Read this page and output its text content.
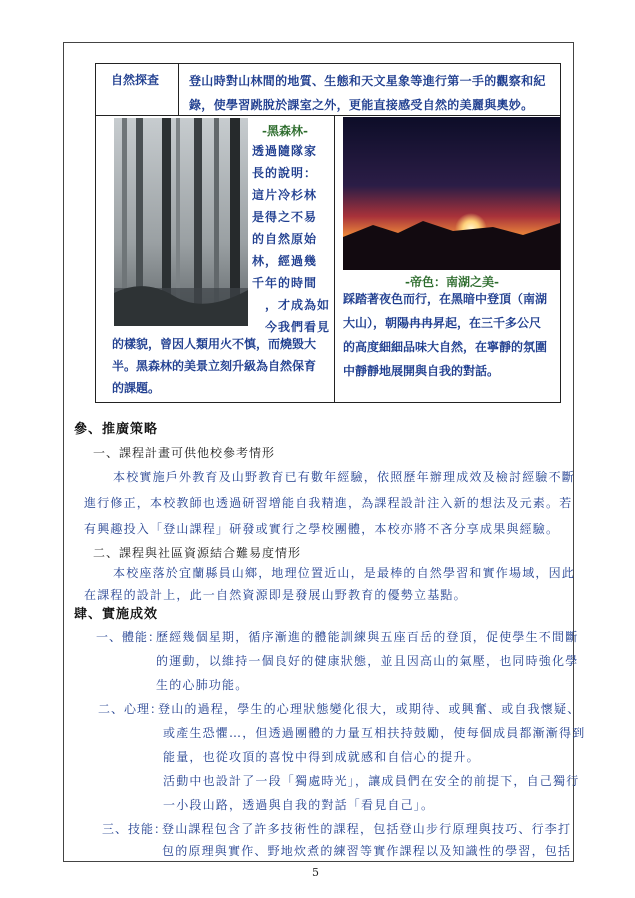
自然探查	登山時對山林間的地質、生態和天文星象等進行第一手的觀察和紀
錄，使學習跳脫於課室之外，更能直接感受自然的美麗與奧妙。
-黑森林-
透過隨隊家
長的說明：
這片冷杉林
是得之不易
的自然原始
林，經過幾
千年的時間
，才成為如
今我們看見
的樣貌，曾因人類用火不慎，而燒毀大
半。黑森林的美景立刻升級為自然保育
的課題。
-帝色：南湖之美-
踩踏著夜色而行，在黑暗中登頂（南湖
大山），朝陽冉冉昇起，在三千多公尺
的高度細細品味大自然，在寧靜的氛圍
中靜靜地展開與自我的對話。
參、推廣策略
一、課程計畫可供他校參考情形
本校實施戶外教育及山野教育已有數年經驗，依照歷年辦理成效及檢討經驗不斷
進行修正，本校教師也透過研習增能自我精進，為課程設計注入新的想法及元素。若
有興趣投入「登山課程」研發或實行之學校團體，本校亦將不吝分享成果與經驗。
二、課程與社區資源結合難易度情形
本校座落於宜蘭縣員山鄉，地理位置近山，是最棒的自然學習和實作場域，因此
在課程的設計上，此一自然資源即是發展山野教育的優勢立基點。
肆、實施成效
一、體能：
歷經幾個星期，循序漸進的體能訓練與五座百岳的登頂，促使學生不間斷
的運動，以維持一個良好的健康狀態，並且因高山的氣壓，也同時強化學
生的心肺功能。
二、心理：
登山的過程，學生的心理狀態變化很大，或期待、或興奮、或自我懷疑、
或產生恐懼…，但透過團體的力量互相扶持鼓勵，使每個成員都漸漸得到
能量，也從攻頂的喜悅中得到成就感和自信心的提升。
活動中也設計了一段「獨處時光」，讓成員們在安全的前提下，自己獨行
一小段山路，透過與自我的對話「看見自己」。
三、技能：
登山課程包含了許多技術性的課程，包括登山步行原理與技巧、行李打
包的原理與實作、野地炊煮的練習等實作課程以及知識性的學習，包括
5
